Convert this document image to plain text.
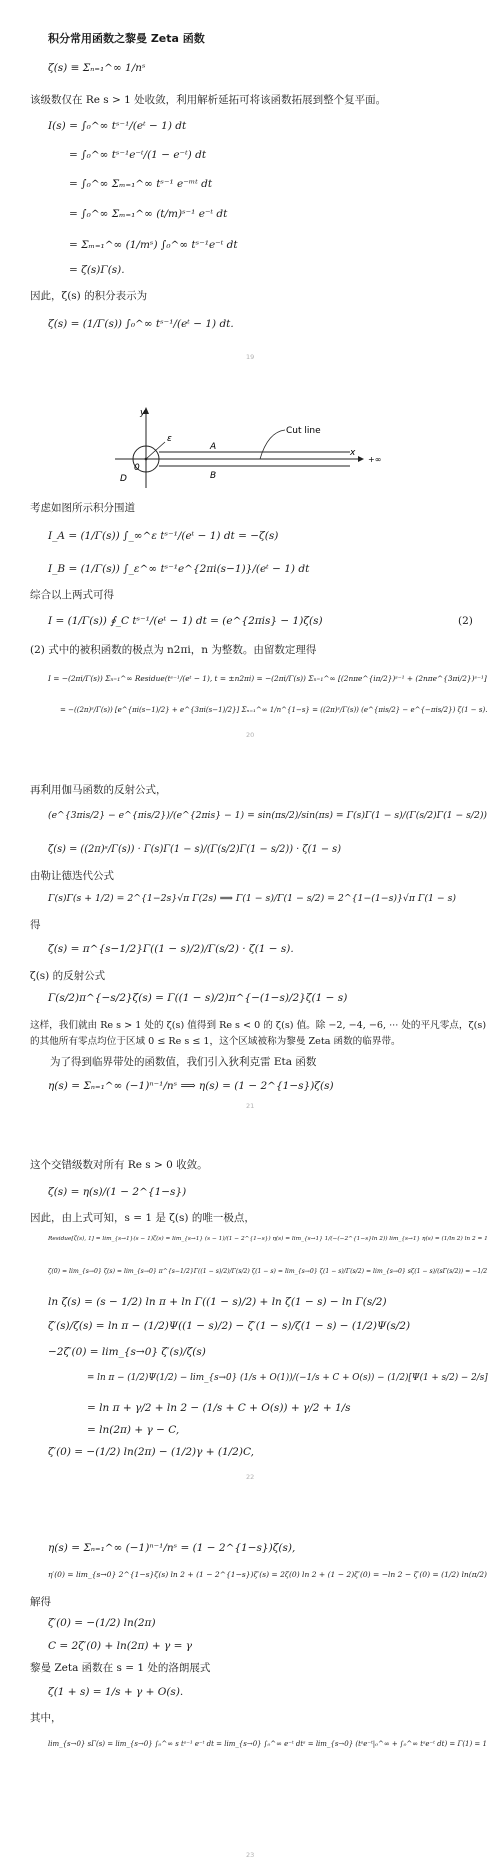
积分常用函数之黎曼 Zeta 函数
ζ(s) ≡ Σₙ₌₁^∞ 1/nˢ
该级数仅在 Re s > 1 处收敛，利用解析延拓可将该函数拓展到整个复平面。
I(s) = ∫₀^∞ tˢ⁻¹/(eᵗ − 1) dt
= ∫₀^∞ tˢ⁻¹e⁻ᵗ/(1 − e⁻ᵗ) dt
= ∫₀^∞ Σₘ₌₁^∞ tˢ⁻¹ e⁻ᵐᵗ dt
= ∫₀^∞ Σₘ₌₁^∞ (t/m)ˢ⁻¹ e⁻ᵗ dt
= Σₘ₌₁^∞ (1/mˢ) ∫₀^∞ tˢ⁻¹e⁻ᵗ dt
= ζ(s)Γ(s).
因此，ζ(s) 的积分表示为
ζ(s) = (1/Γ(s)) ∫₀^∞ tˢ⁻¹/(eᵗ − 1) dt.
19
y
x
+∞
ε
0
D
A
B
Cut line
考虑如图所示积分围道
I_A = (1/Γ(s)) ∫_∞^ε tˢ⁻¹/(eᵗ − 1) dt = −ζ(s)
I_B = (1/Γ(s)) ∫_ε^∞ tˢ⁻¹e^{2πi(s−1)}/(eᵗ − 1) dt
综合以上两式可得
I = (1/Γ(s)) ∮_C tˢ⁻¹/(eᵗ − 1) dt = (e^{2πis} − 1)ζ(s)	(2)
(2) 式中的被积函数的极点为 n2πi，n 为整数。由留数定理得
I = −(2πi/Γ(s)) Σₙ₌₁^∞ Residue(tˢ⁻¹/(eᵗ − 1), t = ±n2πi) = −(2πi/Γ(s)) Σₙ₌₁^∞ [(2nπe^{iπ/2})ˢ⁻¹ + (2nπe^{3πi/2})ˢ⁻¹]
= −((2π)ˢ/Γ(s)) [e^{πi(s−1)/2} + e^{3πi(s−1)/2}] Σₙ₌₁^∞ 1/n^{1−s} = ((2π)ˢ/Γ(s)) (e^{πis/2} − e^{−πis/2}) ζ(1 − s).
20
再利用伽马函数的反射公式，
(e^{3πis/2} − e^{πis/2})/(e^{2πis} − 1) = sin(πs/2)/sin(πs) = Γ(s)Γ(1 − s)/(Γ(s/2)Γ(1 − s/2))
ζ(s) = ((2π)ˢ/Γ(s)) · Γ(s)Γ(1 − s)/(Γ(s/2)Γ(1 − s/2)) · ζ(1 − s)
由勒让德迭代公式
Γ(s)Γ(s + 1/2) = 2^{1−2s}√π Γ(2s) ⟹ Γ(1 − s)/Γ(1 − s/2) = 2^{1−(1−s)}√π Γ(1 − s)
得
ζ(s) = π^{s−1/2}Γ((1 − s)/2)/Γ(s/2) · ζ(1 − s).
ζ(s) 的反射公式
Γ(s/2)π^{−s/2}ζ(s) = Γ((1 − s)/2)π^{−(1−s)/2}ζ(1 − s)
这样，我们就由 Re s > 1 处的 ζ(s) 值得到 Re s < 0 的 ζ(s) 值。除 −2, −4, −6, ··· 处的平凡零点，ζ(s)
的其他所有零点均位于区域 0 ≤ Re s ≤ 1，这个区域被称为黎曼 Zeta 函数的临界带。
为了得到临界带处的函数值，我们引入狄利克雷 Eta 函数
η(s) = Σₙ₌₁^∞ (−1)ⁿ⁻¹/nˢ ⟹ η(s) = (1 − 2^{1−s})ζ(s)
21
这个交错级数对所有 Re s > 0 收敛。
ζ(s) = η(s)/(1 − 2^{1−s})
因此，由上式可知，s = 1 是 ζ(s) 的唯一极点，
Residue[ζ(s), 1] = lim_{s→1}(s − 1)ζ(s) = lim_{s→1} (s − 1)/(1 − 2^{1−s}) η(s) = lim_{s→1} 1/(−(−2^{1−s}ln 2)) lim_{s→1} η(s) = (1/ln 2) ln 2 = 1
ζ(0) = lim_{s→0} ζ(s) = lim_{s→0} π^{s−1/2}Γ((1 − s)/2)/Γ(s/2) ζ(1 − s) = lim_{s→0} ζ(1 − s)/Γ(s/2) = lim_{s→0} sζ(1 − s)/(sΓ(s/2)) = −1/2
ln ζ(s) = (s − 1/2) ln π + ln Γ((1 − s)/2) + ln ζ(1 − s) − ln Γ(s/2)
ζ′(s)/ζ(s) = ln π − (1/2)Ψ((1 − s)/2) − ζ′(1 − s)/ζ(1 − s) − (1/2)Ψ(s/2)
−2ζ′(0) = lim_{s→0} ζ′(s)/ζ(s)
= ln π − (1/2)Ψ(1/2) − lim_{s→0} (1/s + O(1))/(−1/s + C + O(s)) − (1/2)[Ψ(1 + s/2) − 2/s]
= ln π + γ/2 + ln 2 − (1/s + C + O(s)) + γ/2 + 1/s
= ln(2π) + γ − C,
ζ′(0) = −(1/2) ln(2π) − (1/2)γ + (1/2)C,
22
η(s) = Σₙ₌₁^∞ (−1)ⁿ⁻¹/nˢ = (1 − 2^{1−s})ζ(s),
η′(0) = lim_{s→0} 2^{1−s}ζ(s) ln 2 + (1 − 2^{1−s})ζ′(s) = 2ζ(0) ln 2 + (1 − 2)ζ′(0) = −ln 2 − ζ′(0) = (1/2) ln(π/2)
解得
ζ′(0) = −(1/2) ln(2π)
C = 2ζ′(0) + ln(2π) + γ = γ
黎曼 Zeta 函数在 s = 1 处的洛朗展式
ζ(1 + s) = 1/s + γ + O(s).
其中，
lim_{s→0} sΓ(s) = lim_{s→0} ∫₀^∞ s tˢ⁻¹ e⁻ᵗ dt = lim_{s→0} ∫₀^∞ e⁻ᵗ dtˢ = lim_{s→0} (tˢe⁻ᵗ|₀^∞ + ∫₀^∞ tˢe⁻ᵗ dt) = Γ(1) = 1
23
